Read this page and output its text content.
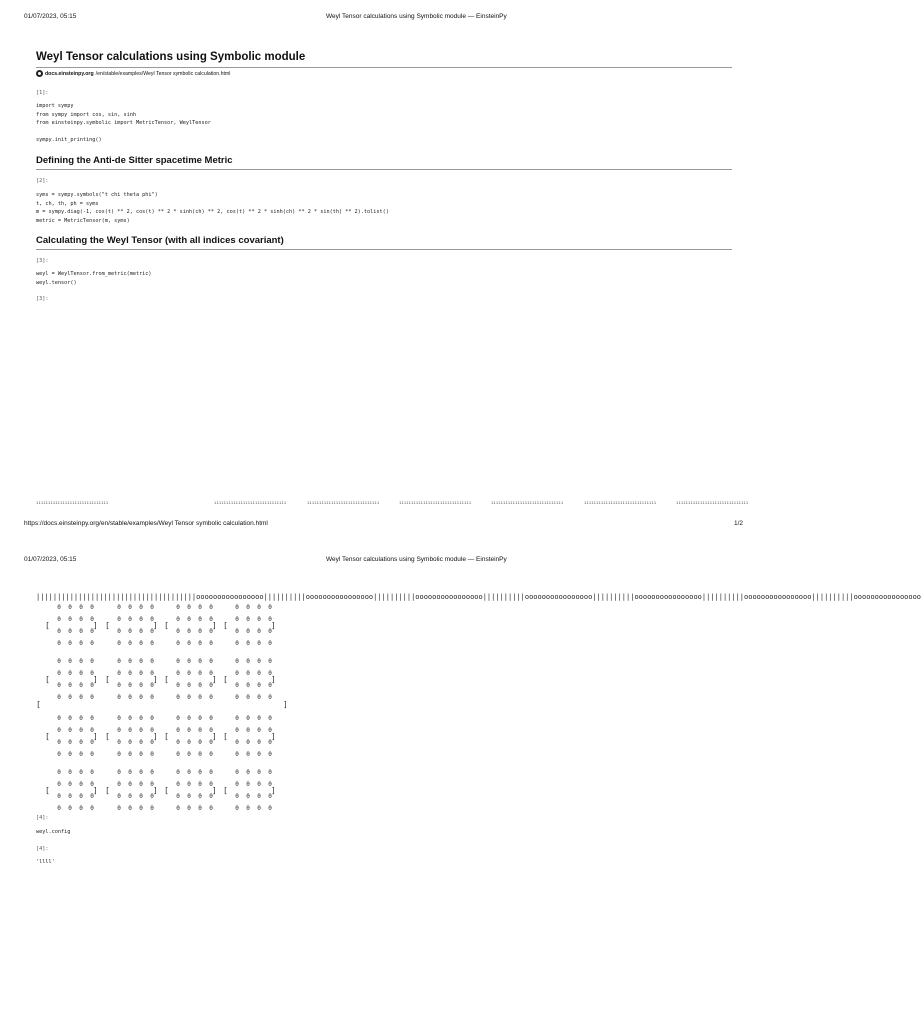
01/07/2023, 05:15	Weyl Tensor calculations using Symbolic module — EinsteinPy
Weyl Tensor calculations using Symbolic module
docs.einsteinpy.org /en/stable/examples/Weyl Tensor symbolic calculation.html
[1]:
import sympy
from sympy import cos, sin, sinh
from einsteinpy.symbolic import MetricTensor, WeylTensor

sympy.init_printing()
Defining the Anti-de Sitter spacetime Metric
[2]:
syms = sympy.symbols("t chi theta phi")
t, ch, th, ph = syms
m = sympy.diag(-1, cos(t) ** 2, cos(t) ** 2 * sinh(ch) ** 2, cos(t) ** 2 * sinh(ch) ** 2 * sin(th) ** 2).tolist()
metric = MetricTensor(m, syms)
Calculating the Weyl Tensor (with all indices covariant)
[3]:
weyl = WeylTensor.from_metric(metric)
weyl.tensor()
[3]:
ıııııııııııııııııııııııııııııı	ıııııııııııııııııııııııııııııı	ıııııııııııııııııııııııııııııı	ıııııııııııııııııııııııııııııı	ıııııııııııııııııııııııııııııı	ıııııııııııııııııııııııııııııı	ıııııııııııııııııııııııııııııı
https://docs.einsteinpy.org/en/stable/examples/Weyl Tensor symbolic calculation.html	1/2
01/07/2023, 05:15	Weyl Tensor calculations using Symbolic module — EinsteinPy
||||||||||||||||||||||||||||||||||||||oooooooooooooooo||||||||||oooooooooooooooo||||||||||oooooooooooooooo||||||||||oooooooooooooooo||||||||||oooooooooooooooo||||||||||oooooooooooooooo||||||||||oooooooooooooooo
[	]
[	]
0	0	0	0
0	0	0	0
0	0	0	0
0	0	0	0
[	]
0	0	0	0
0	0	0	0
0	0	0	0
0	0	0	0
[	]
0	0	0	0
0	0	0	0
0	0	0	0
0	0	0	0
[	]
0	0	0	0
0	0	0	0
0	0	0	0
0	0	0	0
[	]
0	0	0	0
0	0	0	0
0	0	0	0
0	0	0	0
[	]
0	0	0	0
0	0	0	0
0	0	0	0
0	0	0	0
[	]
0	0	0	0
0	0	0	0
0	0	0	0
0	0	0	0
[	]
0	0	0	0
0	0	0	0
0	0	0	0
0	0	0	0
[	]
0	0	0	0
0	0	0	0
0	0	0	0
0	0	0	0
[	]
0	0	0	0
0	0	0	0
0	0	0	0
0	0	0	0
[	]
0	0	0	0
0	0	0	0
0	0	0	0
0	0	0	0
[	]
0	0	0	0
0	0	0	0
0	0	0	0
0	0	0	0
[	]
0	0	0	0
0	0	0	0
0	0	0	0
0	0	0	0
[	]
0	0	0	0
0	0	0	0
0	0	0	0
0	0	0	0
[	]
0	0	0	0
0	0	0	0
0	0	0	0
0	0	0	0
[	]
0	0	0	0
0	0	0	0
0	0	0	0
0	0	0	0
[4]:
weyl.config
[4]:
'llll'
